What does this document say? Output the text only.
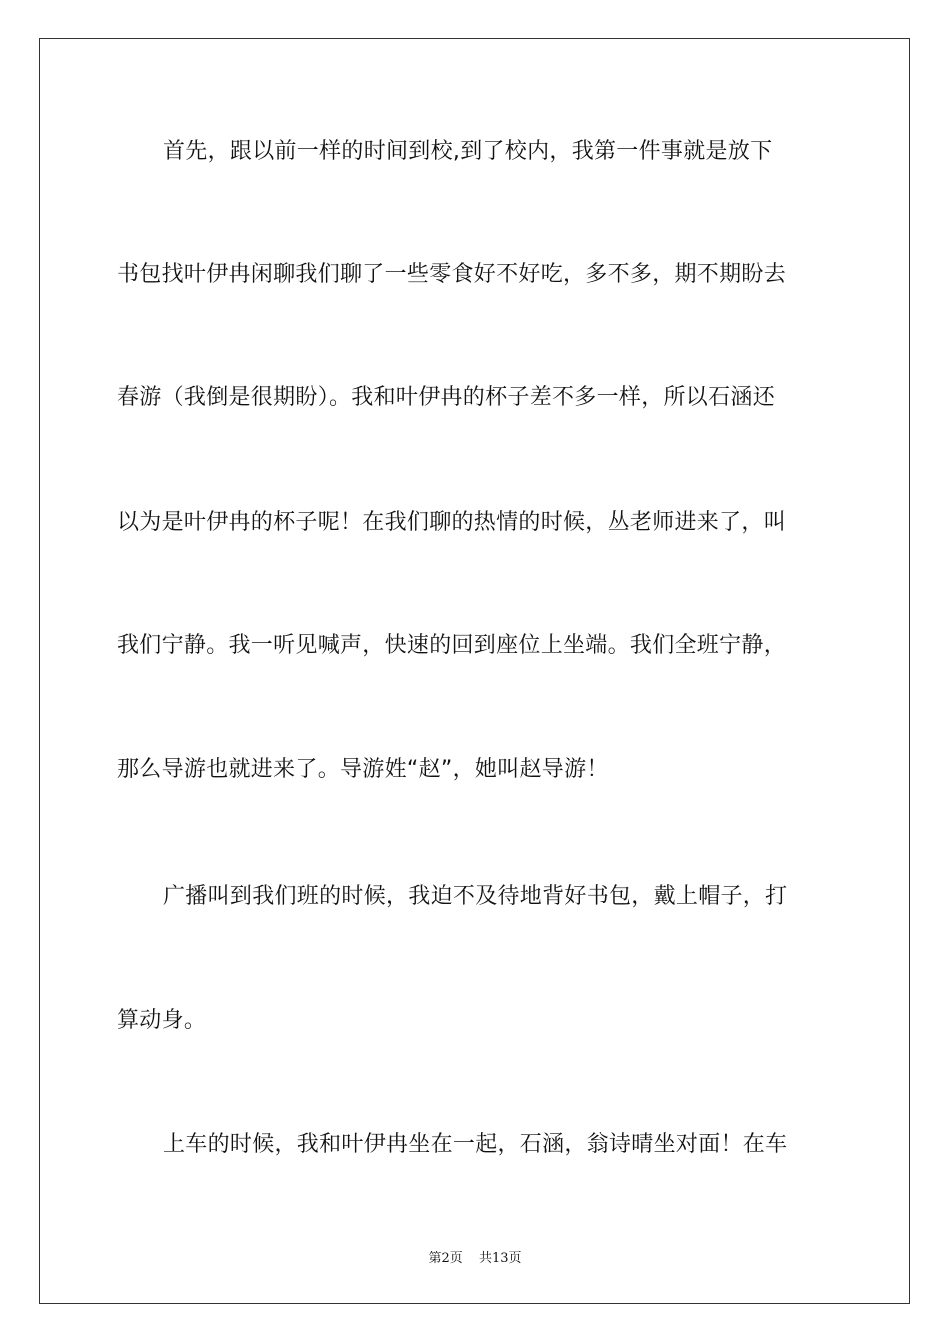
首先，跟以前一样的时间到校,到了校内，我第一件事就是放下
书包找叶伊冉闲聊我们聊了一些零食好不好吃，多不多，期不期盼去
春游（我倒是很期盼）。我和叶伊冉的杯子差不多一样，所以石涵还
以为是叶伊冉的杯子呢！在我们聊的热情的时候，丛老师进来了，叫
我们宁静。我一听见喊声，快速的回到座位上坐端。我们全班宁静，
那么导游也就进来了。导游姓“赵”，她叫赵导游！
广播叫到我们班的时候，我迫不及待地背好书包，戴上帽子，打
算动身。
上车的时候，我和叶伊冉坐在一起，石涵，翁诗晴坐对面！在车
第2页 共13页
